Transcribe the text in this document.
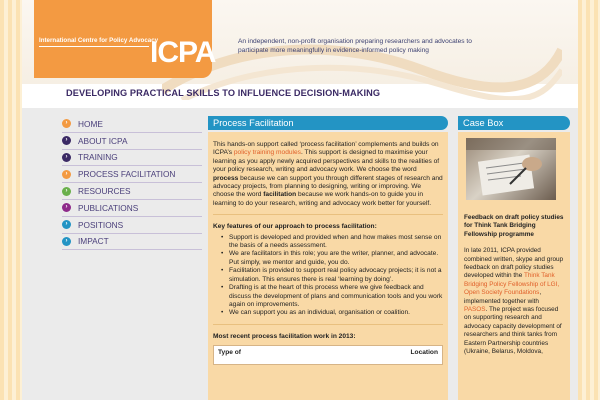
International Centre for Policy Advocacy
ICPA	An independent, non-profit organisation preparing researchers and advocates to participate more meaningfully in evidence-informed policy making
DEVELOPING PRACTICAL SKILLS TO INFLUENCE DECISION-MAKING
›	HOME
›	ABOUT ICPA
›	TRAINING
›	PROCESS FACILITATION
›	RESOURCES
›	PUBLICATIONS
›	POSITIONS
›	IMPACT
Process Facilitation

This hands-on support called ‘process facilitation’ complements and builds on ICPA’s policy training modules. This support is designed to maximise your learning as you apply newly acquired perspectives and skills to the realities of your policy research, writing and advocacy work. We choose the word process because we can support you through different stages of research and advocacy projects, from planning to designing, writing or improving. We choose the word facilitation because we work hands-on to guide you in learning to do your research, writing and advocacy work better for yourself.

Key features of our approach to process facilitation:

• Support is developed and provided when and how makes most sense on the basis of a needs assessment.
• We are facilitators in this role; you are the writer, planner, and advocate. Put simply, we mentor and guide, you do.
• Facilitation is provided to support real policy advocacy projects; it is not a simulation. This ensures there is real ‘learning by doing’.
• Drafting is at the heart of this process where we give feedback and discuss the development of plans and communication tools and you work again on improvements.
• We can support you as an individual, organisation or coalition.

Most recent process facilitation work in 2013:

Type of	Location
Case Box

Feedback on draft policy studies for Think Tank Bridging Fellowship programme

In late 2011, ICPA provided combined written, skype and group feedback on draft policy studies developed within the Think Tank Bridging Policy Fellowship of LGI, Open Society Foundations, implemented together with PASOS. The project was focused on supporting research and advocacy capacity development of researchers and think tanks from Eastern Partnership countries (Ukraine, Belarus, Moldova,
